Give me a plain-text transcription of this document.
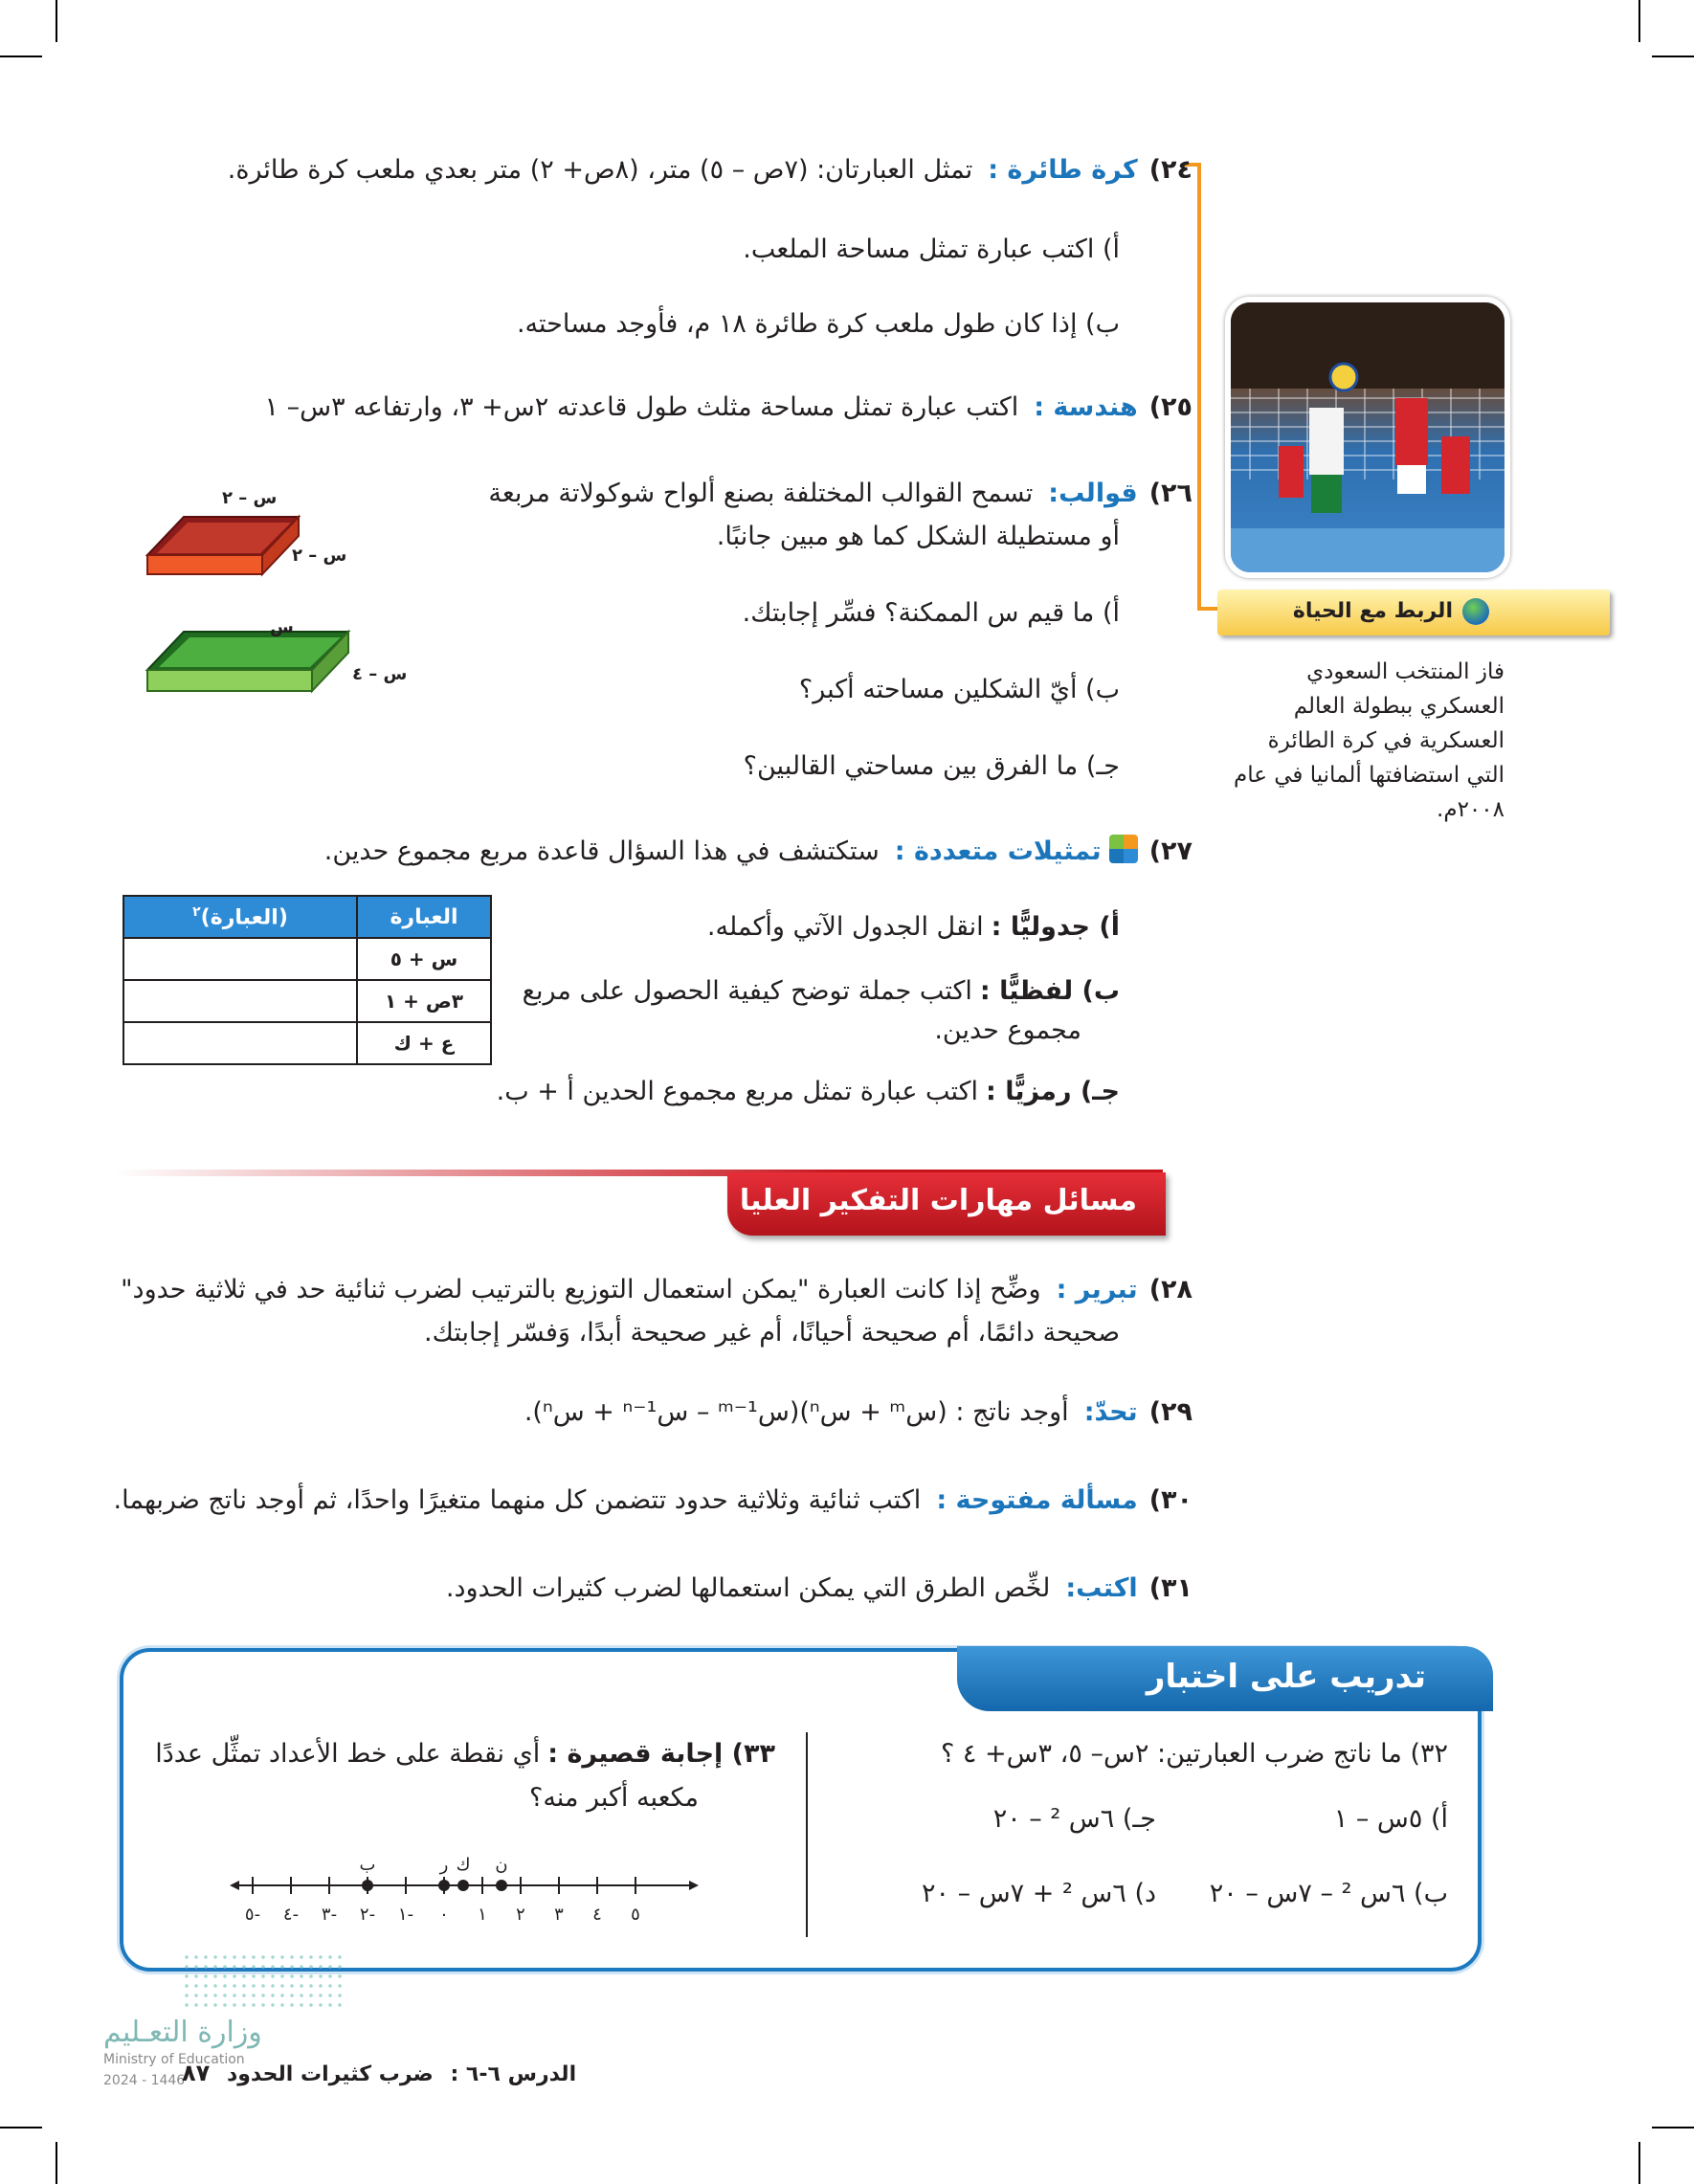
٢٤)كرة طائرة :تمثل العبارتان: (٧ص – ٥) متر، (٨ص+ ٢) متر بعدي ملعب كرة طائرة.
أ) اكتب عبارة تمثل مساحة الملعب.
ب) إذا كان طول ملعب كرة طائرة ١٨ م، فأوجد مساحته.
٢٥)هندسة :اكتب عبارة تمثل مساحة مثلث طول قاعدته ٢س+ ٣، وارتفاعه ٣س– ١
٢٦)قوالب:تسمح القوالب المختلفة بصنع ألواح شوكولاتة مربعة
أو مستطيلة الشكل كما هو مبين جانبًا.
أ) ما قيم س الممكنة؟ فسِّر إجابتك.
ب) أيّ الشكلين مساحته أكبر؟
جـ) ما الفرق بين مساحتي القالبين؟
س – ٢
س – ٢
س
س – ٤
الربط مع الحياة
فاز المنتخب السعودي العسكري ببطولة العالم العسكرية في كرة الطائرة التي استضافتها ألمانيا في عام ٢٠٠٨م.
٢٧)تمثيلات متعددة :ستكتشف في هذا السؤال قاعدة مربع مجموع حدين.
أ) جدوليًّا :انقل الجدول الآتي وأكمله.
ب) لفظيًّا :اكتب جملة توضح كيفية الحصول على مربع
مجموع حدين.
جـ) رمزيًّا :اكتب عبارة تمثل مربع مجموع الحدين أ + ب.
العبارة	(العبارة)$^٢$
س + ٥	
٣ص + ١	
ع + ك	
مسائل مهارات التفكير العليا
٢٨)تبرير :وضِّح إذا كانت العبارة "يمكن استعمال التوزيع بالترتيب لضرب ثنائية حد في ثلاثية حدود"
صحيحة دائمًا، أم صحيحة أحيانًا، أم غير صحيحة أبدًا، وَفسّر إجابتك.
٢٩)تحدّ:أوجد ناتج : (سᵐ + سⁿ)(سᵐ⁻¹ – س¹⁻ⁿ + سⁿ).
٣٠)مسألة مفتوحة :اكتب ثنائية وثلاثية حدود تتضمن كل منهما متغيرًا واحدًا، ثم أوجد ناتج ضربهما.
٣١)اكتب:لخِّص الطرق التي يمكن استعمالها لضرب كثيرات الحدود.
تدريب على اختبار
٣٢) ما ناتج ضرب العبارتين: ٢س– ٥، ٣س+ ٤ ؟
أ) ٥س – ١
جـ) ٦س ² – ٢٠
ب) ٦س ² – ٧س – ٢٠
د) ٦س ² + ٧س – ٢٠
٣٣) إجابة قصيرة :أي نقطة على خط الأعداد تمثِّل عددًا
مكعبه أكبر منه؟
٥- ٤- ٣- ٢- ١- ٠ ١ ٢ ٣ ٤ ٥
ب	ر ك ن
وزارة التعـليم
Ministry of Education
2024 - 1446	الدرس ٦-٦ : ضرب كثيرات الحدود ٨٧
